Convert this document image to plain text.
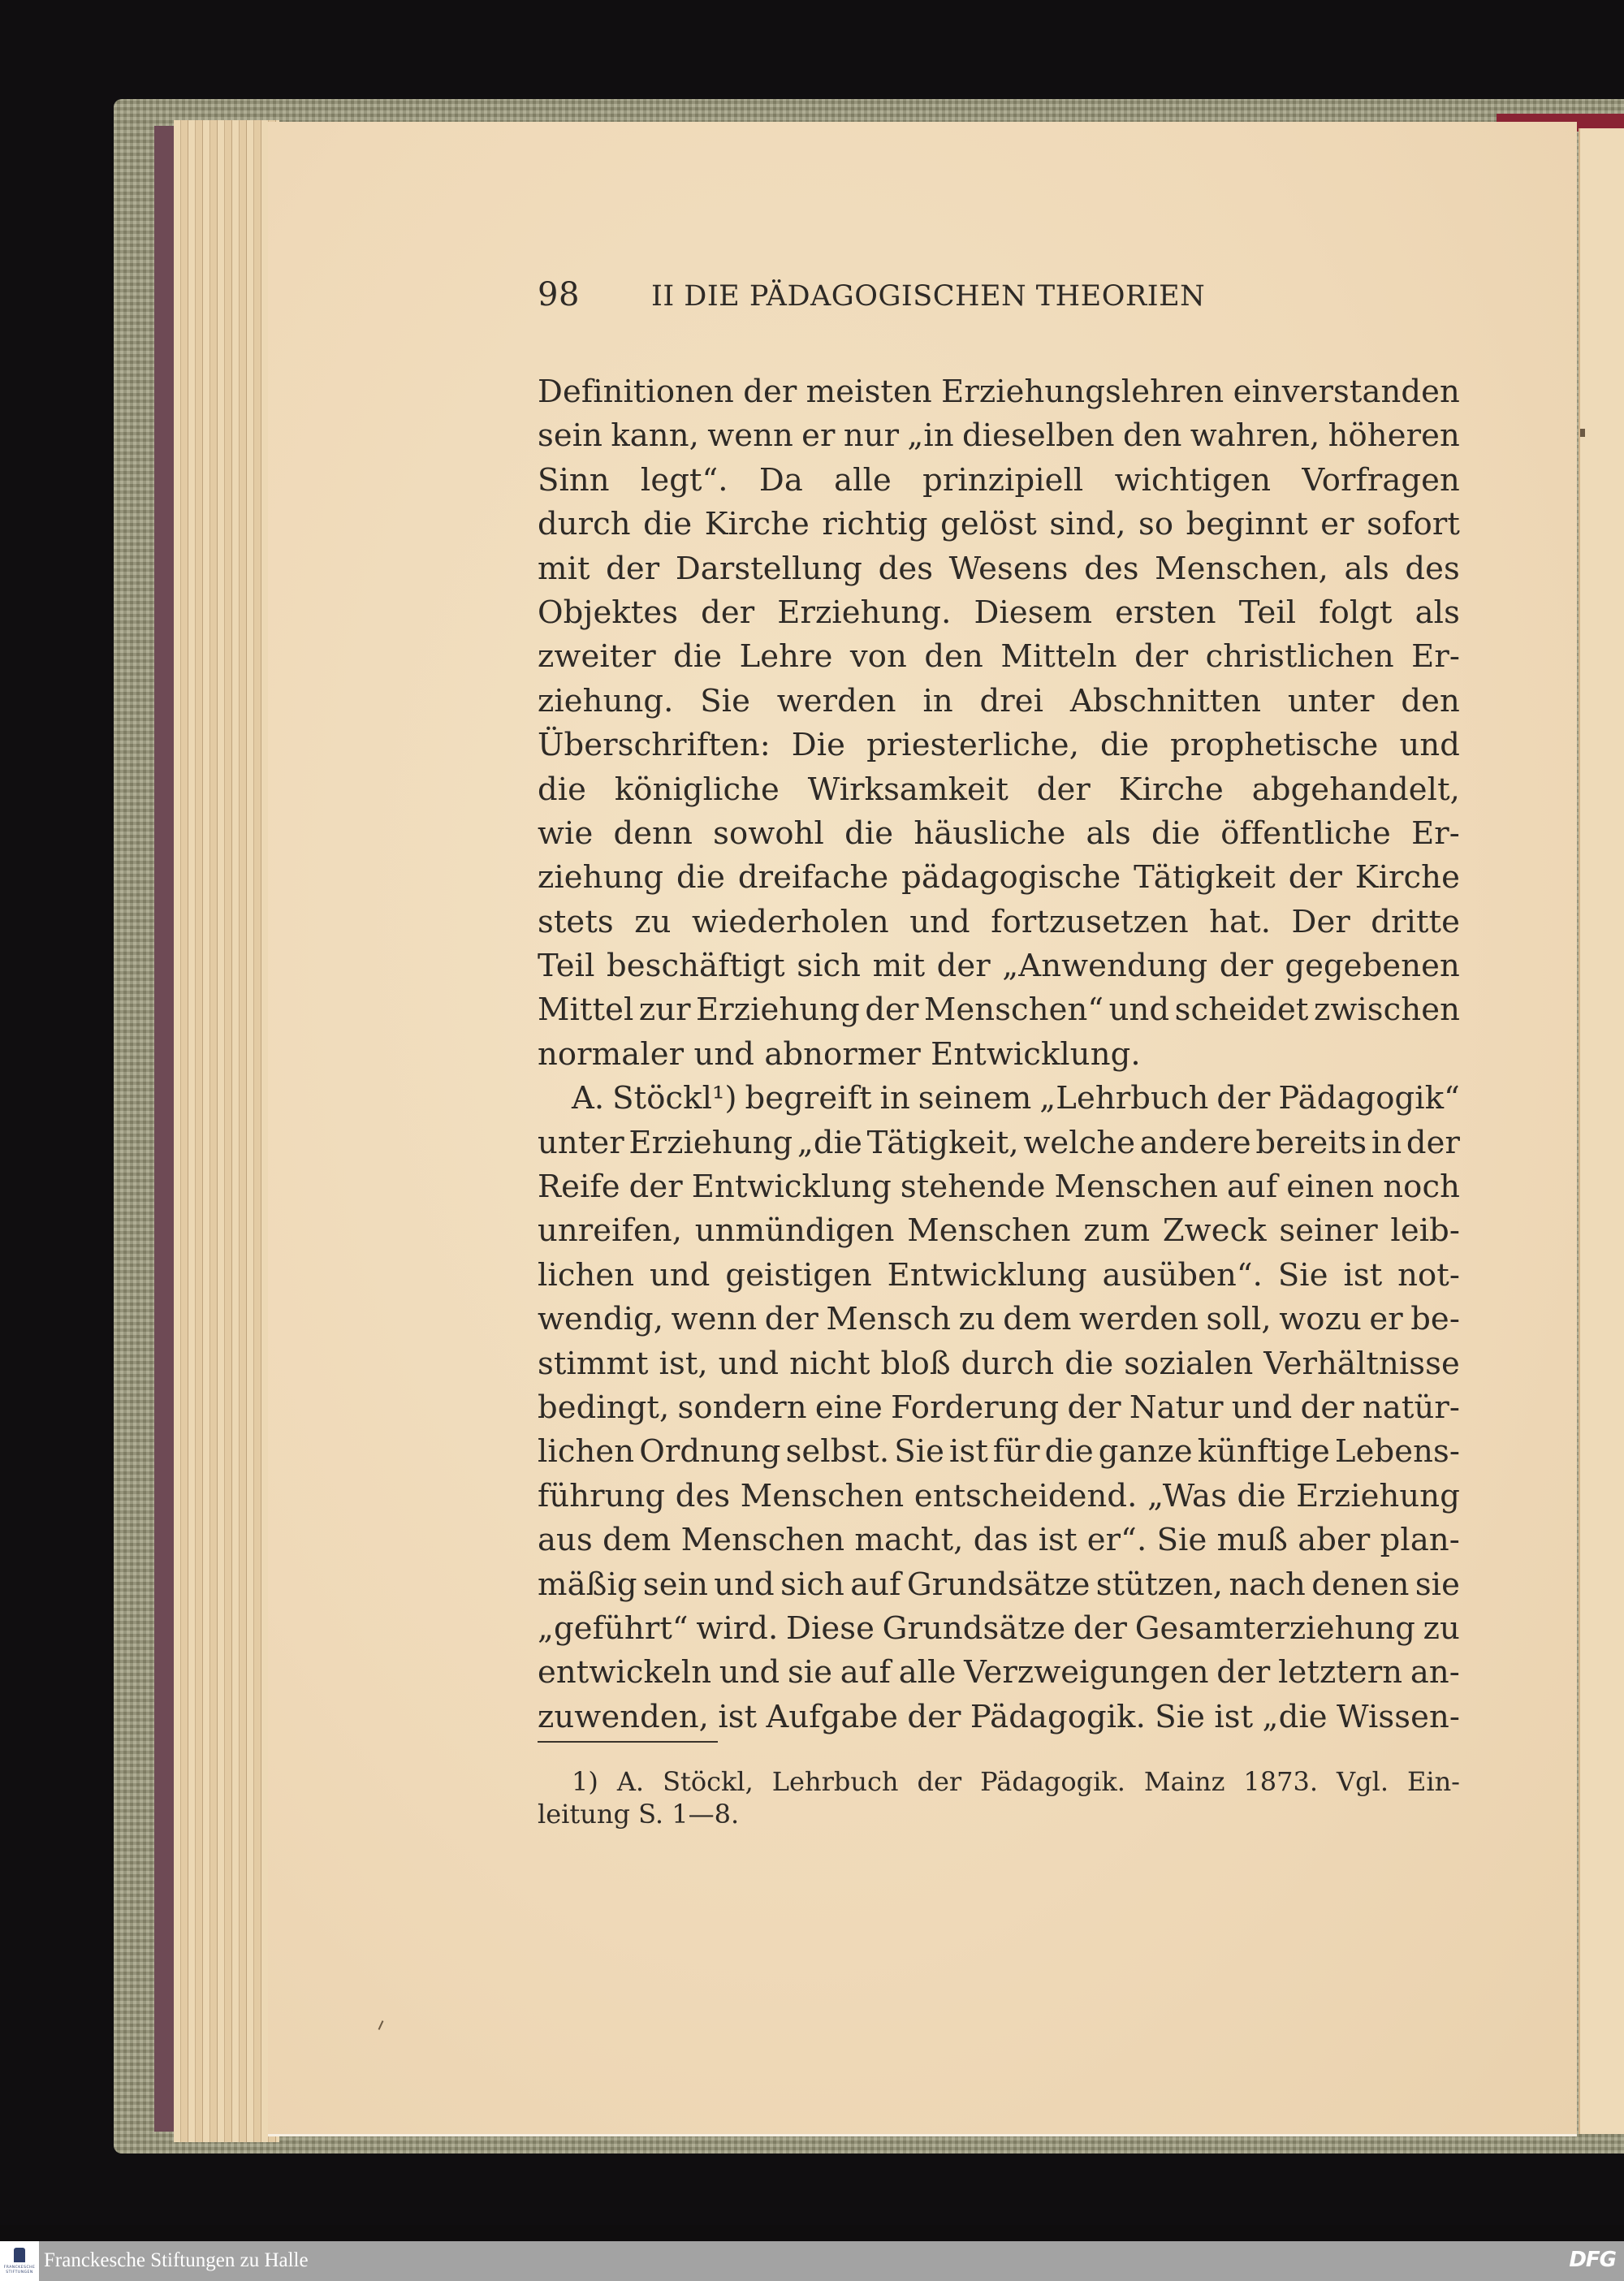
98	II DIE PÄDAGOGISCHEN THEORIEN
Definitionen der meisten Erziehungslehren einverstanden
sein kann, wenn er nur „in dieselben den wahren, höheren
Sinn legt“. Da alle prinzipiell wichtigen Vorfragen
durch die Kirche richtig gelöst sind, so beginnt er sofort
mit der Darstellung des Wesens des Menschen, als des
Objektes der Erziehung. Diesem ersten Teil folgt als
zweiter die Lehre von den Mitteln der christlichen Er-
ziehung. Sie werden in drei Abschnitten unter den
Überschriften: Die priesterliche, die prophetische und
die königliche Wirksamkeit der Kirche abgehandelt,
wie denn sowohl die häusliche als die öffentliche Er-
ziehung die dreifache pädagogische Tätigkeit der Kirche
stets zu wiederholen und fortzusetzen hat. Der dritte
Teil beschäftigt sich mit der „Anwendung der gegebenen
Mittel zur Erziehung der Menschen“ und scheidet zwischen
normaler und abnormer Entwicklung.
A. Stöckl¹) begreift in seinem „Lehrbuch der Pädagogik“
unter Erziehung „die Tätigkeit, welche andere bereits in der
Reife der Entwicklung stehende Menschen auf einen noch
unreifen, unmündigen Menschen zum Zweck seiner leib-
lichen und geistigen Entwicklung ausüben“. Sie ist not-
wendig, wenn der Mensch zu dem werden soll, wozu er be-
stimmt ist, und nicht bloß durch die sozialen Verhältnisse
bedingt, sondern eine Forderung der Natur und der natür-
lichen Ordnung selbst. Sie ist für die ganze künftige Lebens-
führung des Menschen entscheidend. „Was die Erziehung
aus dem Menschen macht, das ist er“. Sie muß aber plan-
mäßig sein und sich auf Grundsätze stützen, nach denen sie
„geführt“ wird. Diese Grundsätze der Gesamterziehung zu
entwickeln und sie auf alle Verzweigungen der letztern an-
zuwenden, ist Aufgabe der Pädagogik. Sie ist „die Wissen-
1) A. Stöckl, Lehrbuch der Pädagogik. Mainz 1873. Vgl. Ein-
leitung S. 1—8.
FRANCKESCHE STIFTUNGEN
Franckesche Stiftungen zu Halle	DFG
